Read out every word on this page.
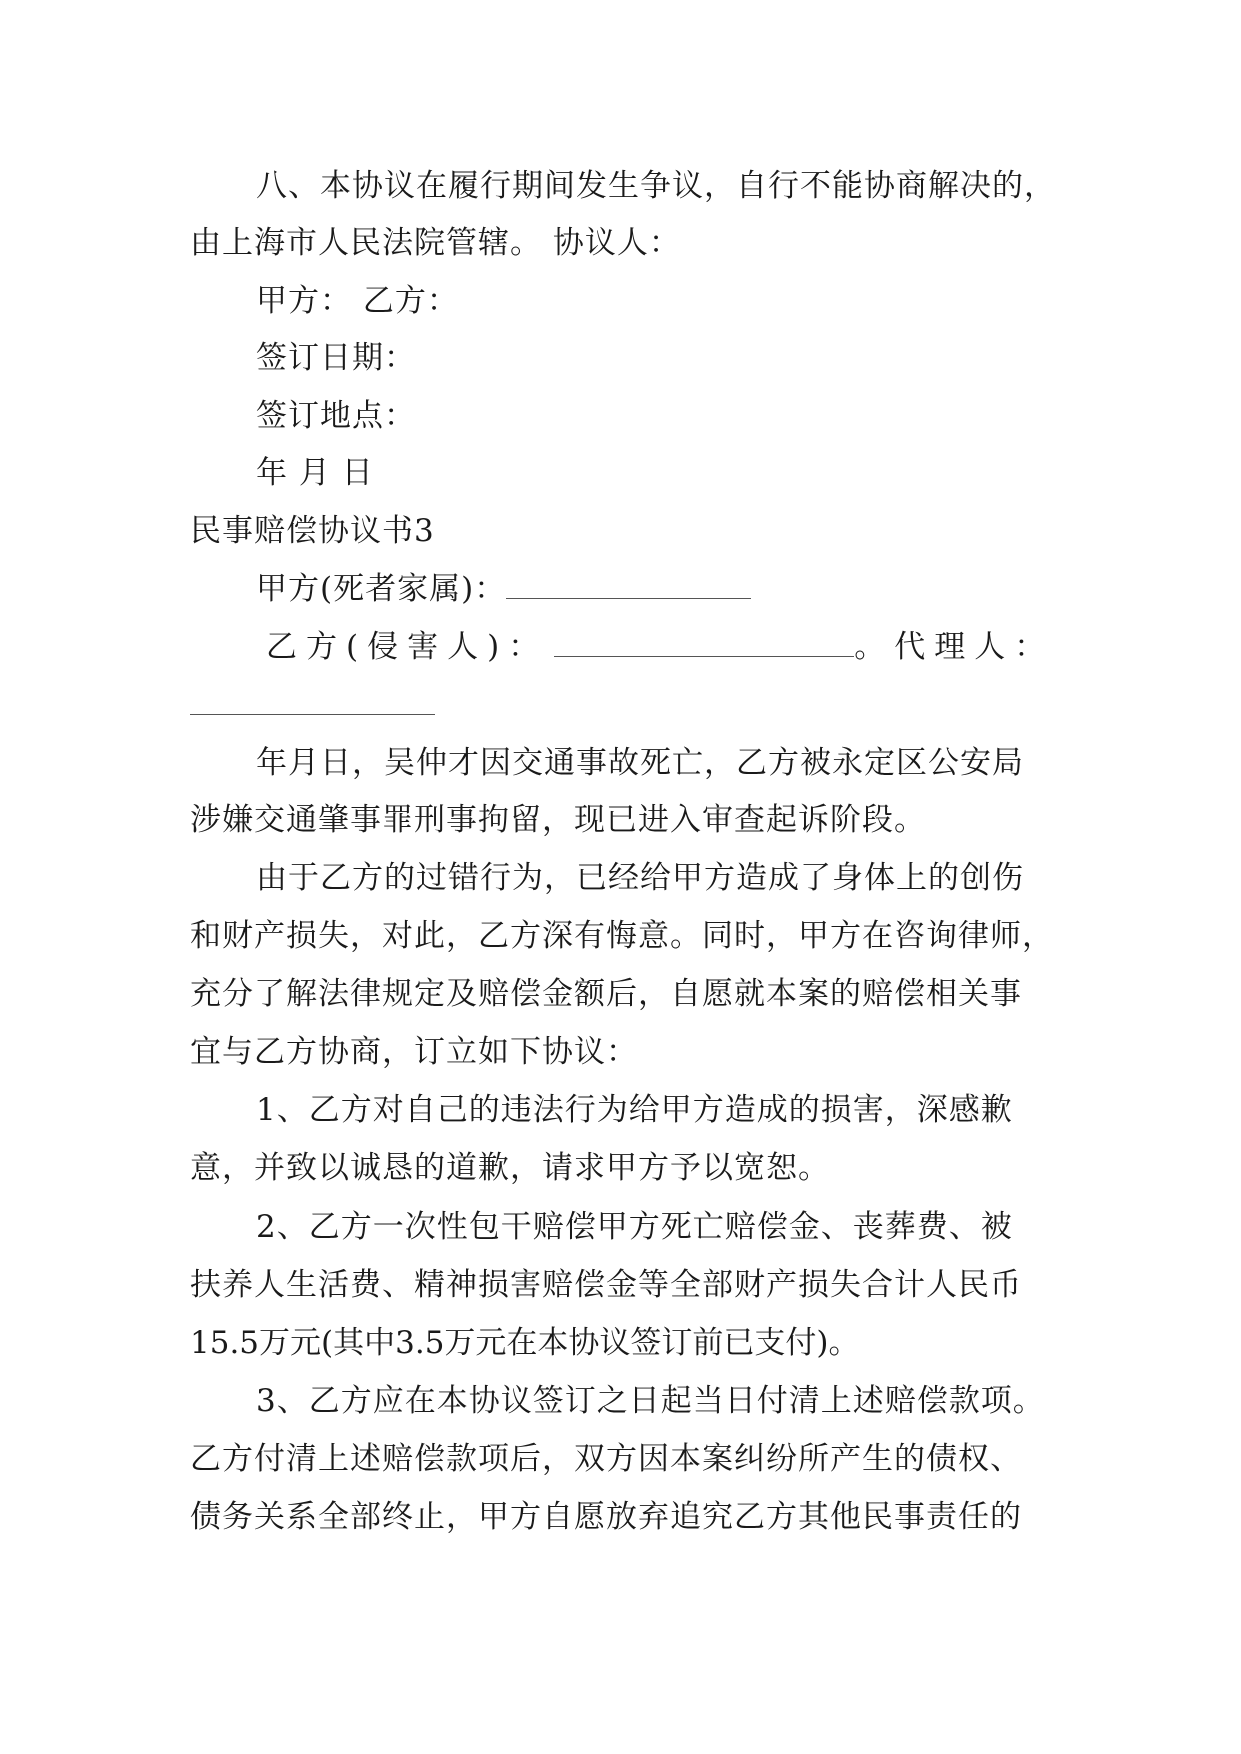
八、本协议在履行期间发生争议，自行不能协商解决的，
由上海市人民法院管辖。 协议人：
甲方： 乙方：
签订日期：
签订地点：
年 月 日
民事赔偿协议书3
甲方(死者家属)：
乙方(侵害人)：	。代理人：
年月日，吴仲才因交通事故死亡，乙方被永定区公安局
涉嫌交通肇事罪刑事拘留，现已进入审查起诉阶段。
由于乙方的过错行为，已经给甲方造成了身体上的创伤
和财产损失，对此，乙方深有悔意。同时，甲方在咨询律师，
充分了解法律规定及赔偿金额后，自愿就本案的赔偿相关事
宜与乙方协商，订立如下协议：
1、乙方对自己的违法行为给甲方造成的损害，深感歉
意，并致以诚恳的道歉，请求甲方予以宽恕。
2、乙方一次性包干赔偿甲方死亡赔偿金、丧葬费、被
扶养人生活费、精神损害赔偿金等全部财产损失合计人民币
15.5万元(其中3.5万元在本协议签订前已支付)。
3、乙方应在本协议签订之日起当日付清上述赔偿款项。
乙方付清上述赔偿款项后，双方因本案纠纷所产生的债权、
债务关系全部终止，甲方自愿放弃追究乙方其他民事责任的
